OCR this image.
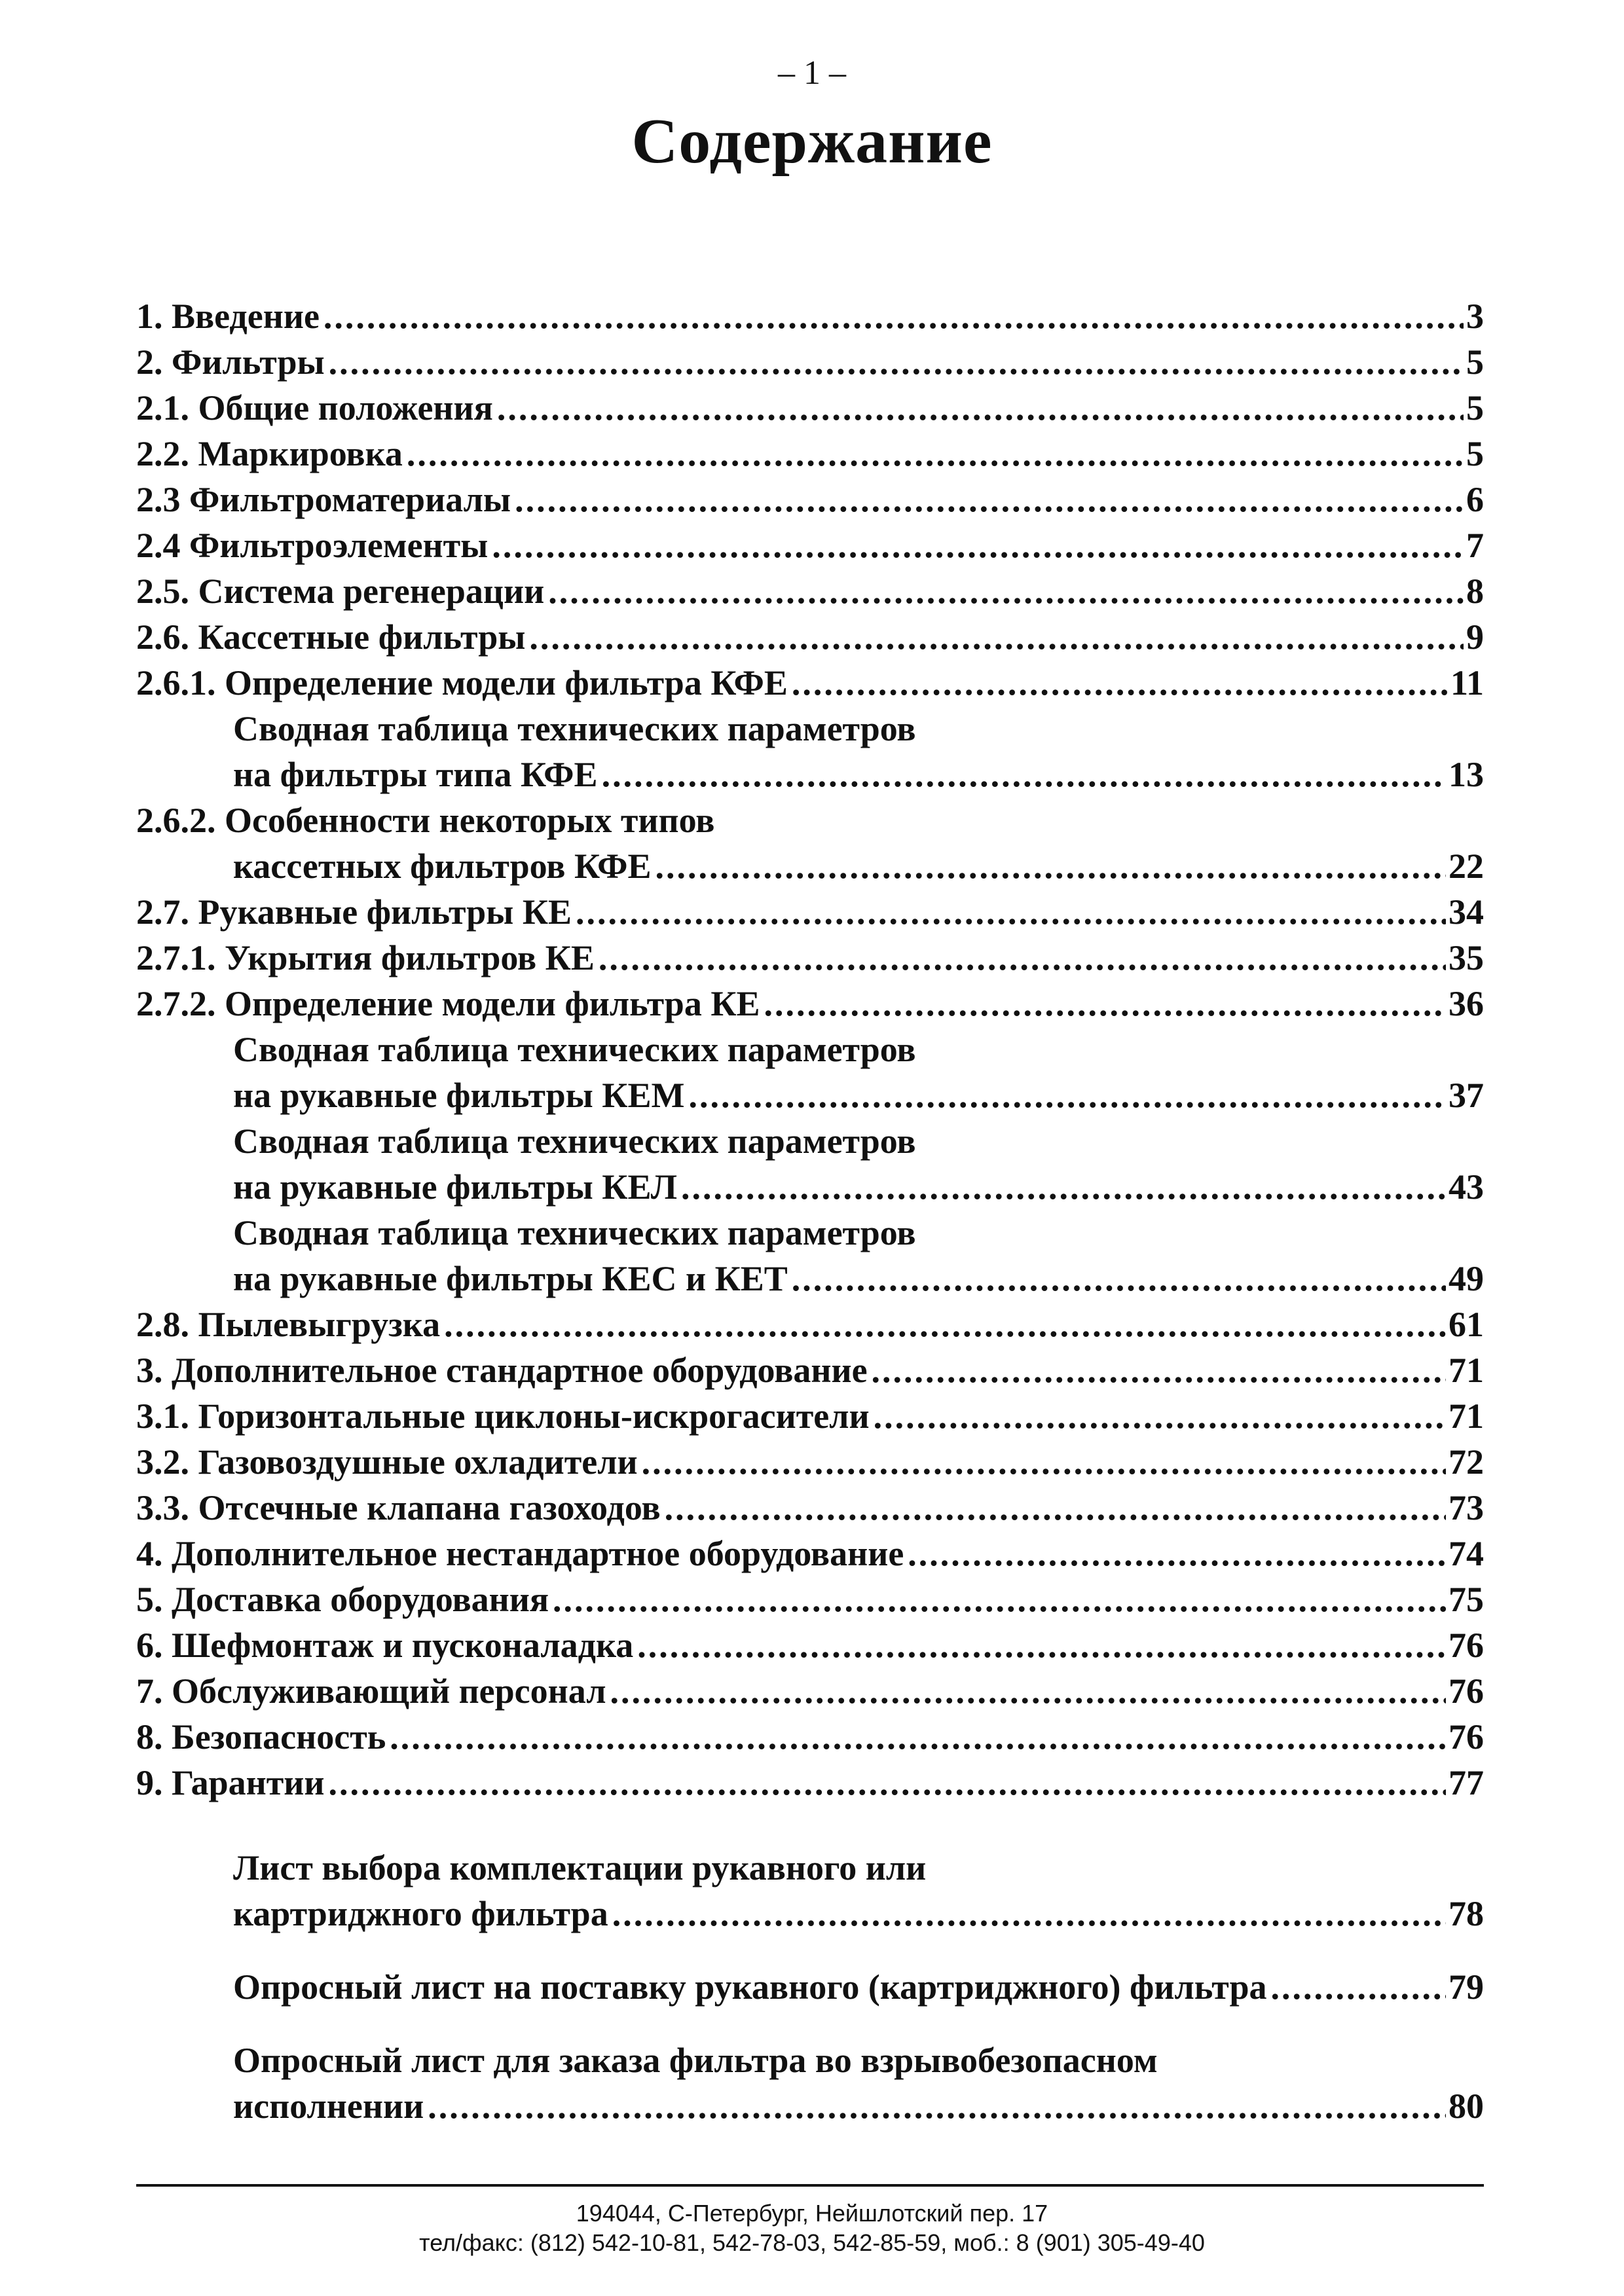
– 1 –
Содержание
1. Введение .....	3
2. Фильтры .....	5
2.1. Общие положения .....	5
2.2. Маркировка .....	5
2.3 Фильтроматериалы .....	6
2.4 Фильтроэлементы .....	7
2.5. Система регенерации .....	8
2.6. Кассетные фильтры .....	9
2.6.1. Определение модели фильтра КФЕ .....	11
Сводная таблица технических параметров
на фильтры типа КФЕ .....	13
2.6.2. Особенности некоторых типов
кассетных фильтров КФЕ .....	22
2.7. Рукавные фильтры КЕ .....	34
2.7.1. Укрытия фильтров КЕ .....	35
2.7.2. Определение модели фильтра КЕ .....	36
Сводная таблица технических параметров
на рукавные фильтры КЕМ .....	37
Сводная таблица технических параметров
на рукавные фильтры КЕЛ .....	43
Сводная таблица технических параметров
на рукавные фильтры КЕС и КЕТ .....	49
2.8. Пылевыгрузка .....	61
3. Дополнительное стандартное оборудование .....	71
3.1. Горизонтальные циклоны-искрогасители .....	71
3.2. Газовоздушные охладители .....	72
3.3. Отсечные клапана газоходов .....	73
4. Дополнительное нестандартное оборудование .....	74
5. Доставка оборудования .....	75
6. Шефмонтаж и пусконаладка .....	76
7. Обслуживающий персонал .....	76
8. Безопасность .....	76
9. Гарантии .....	77
Лист выбора комплектации рукавного или
картриджного фильтра .....	78
Опросный лист на поставку рукавного (картриджного) фильтра .....	79
Опросный лист для заказа фильтра во взрывобезопасном
исполнении .....	80
194044, С-Петербург, Нейшлотский пер. 17
тел/факс: (812) 542-10-81, 542-78-03, 542-85-59, моб.: 8 (901) 305-49-40
